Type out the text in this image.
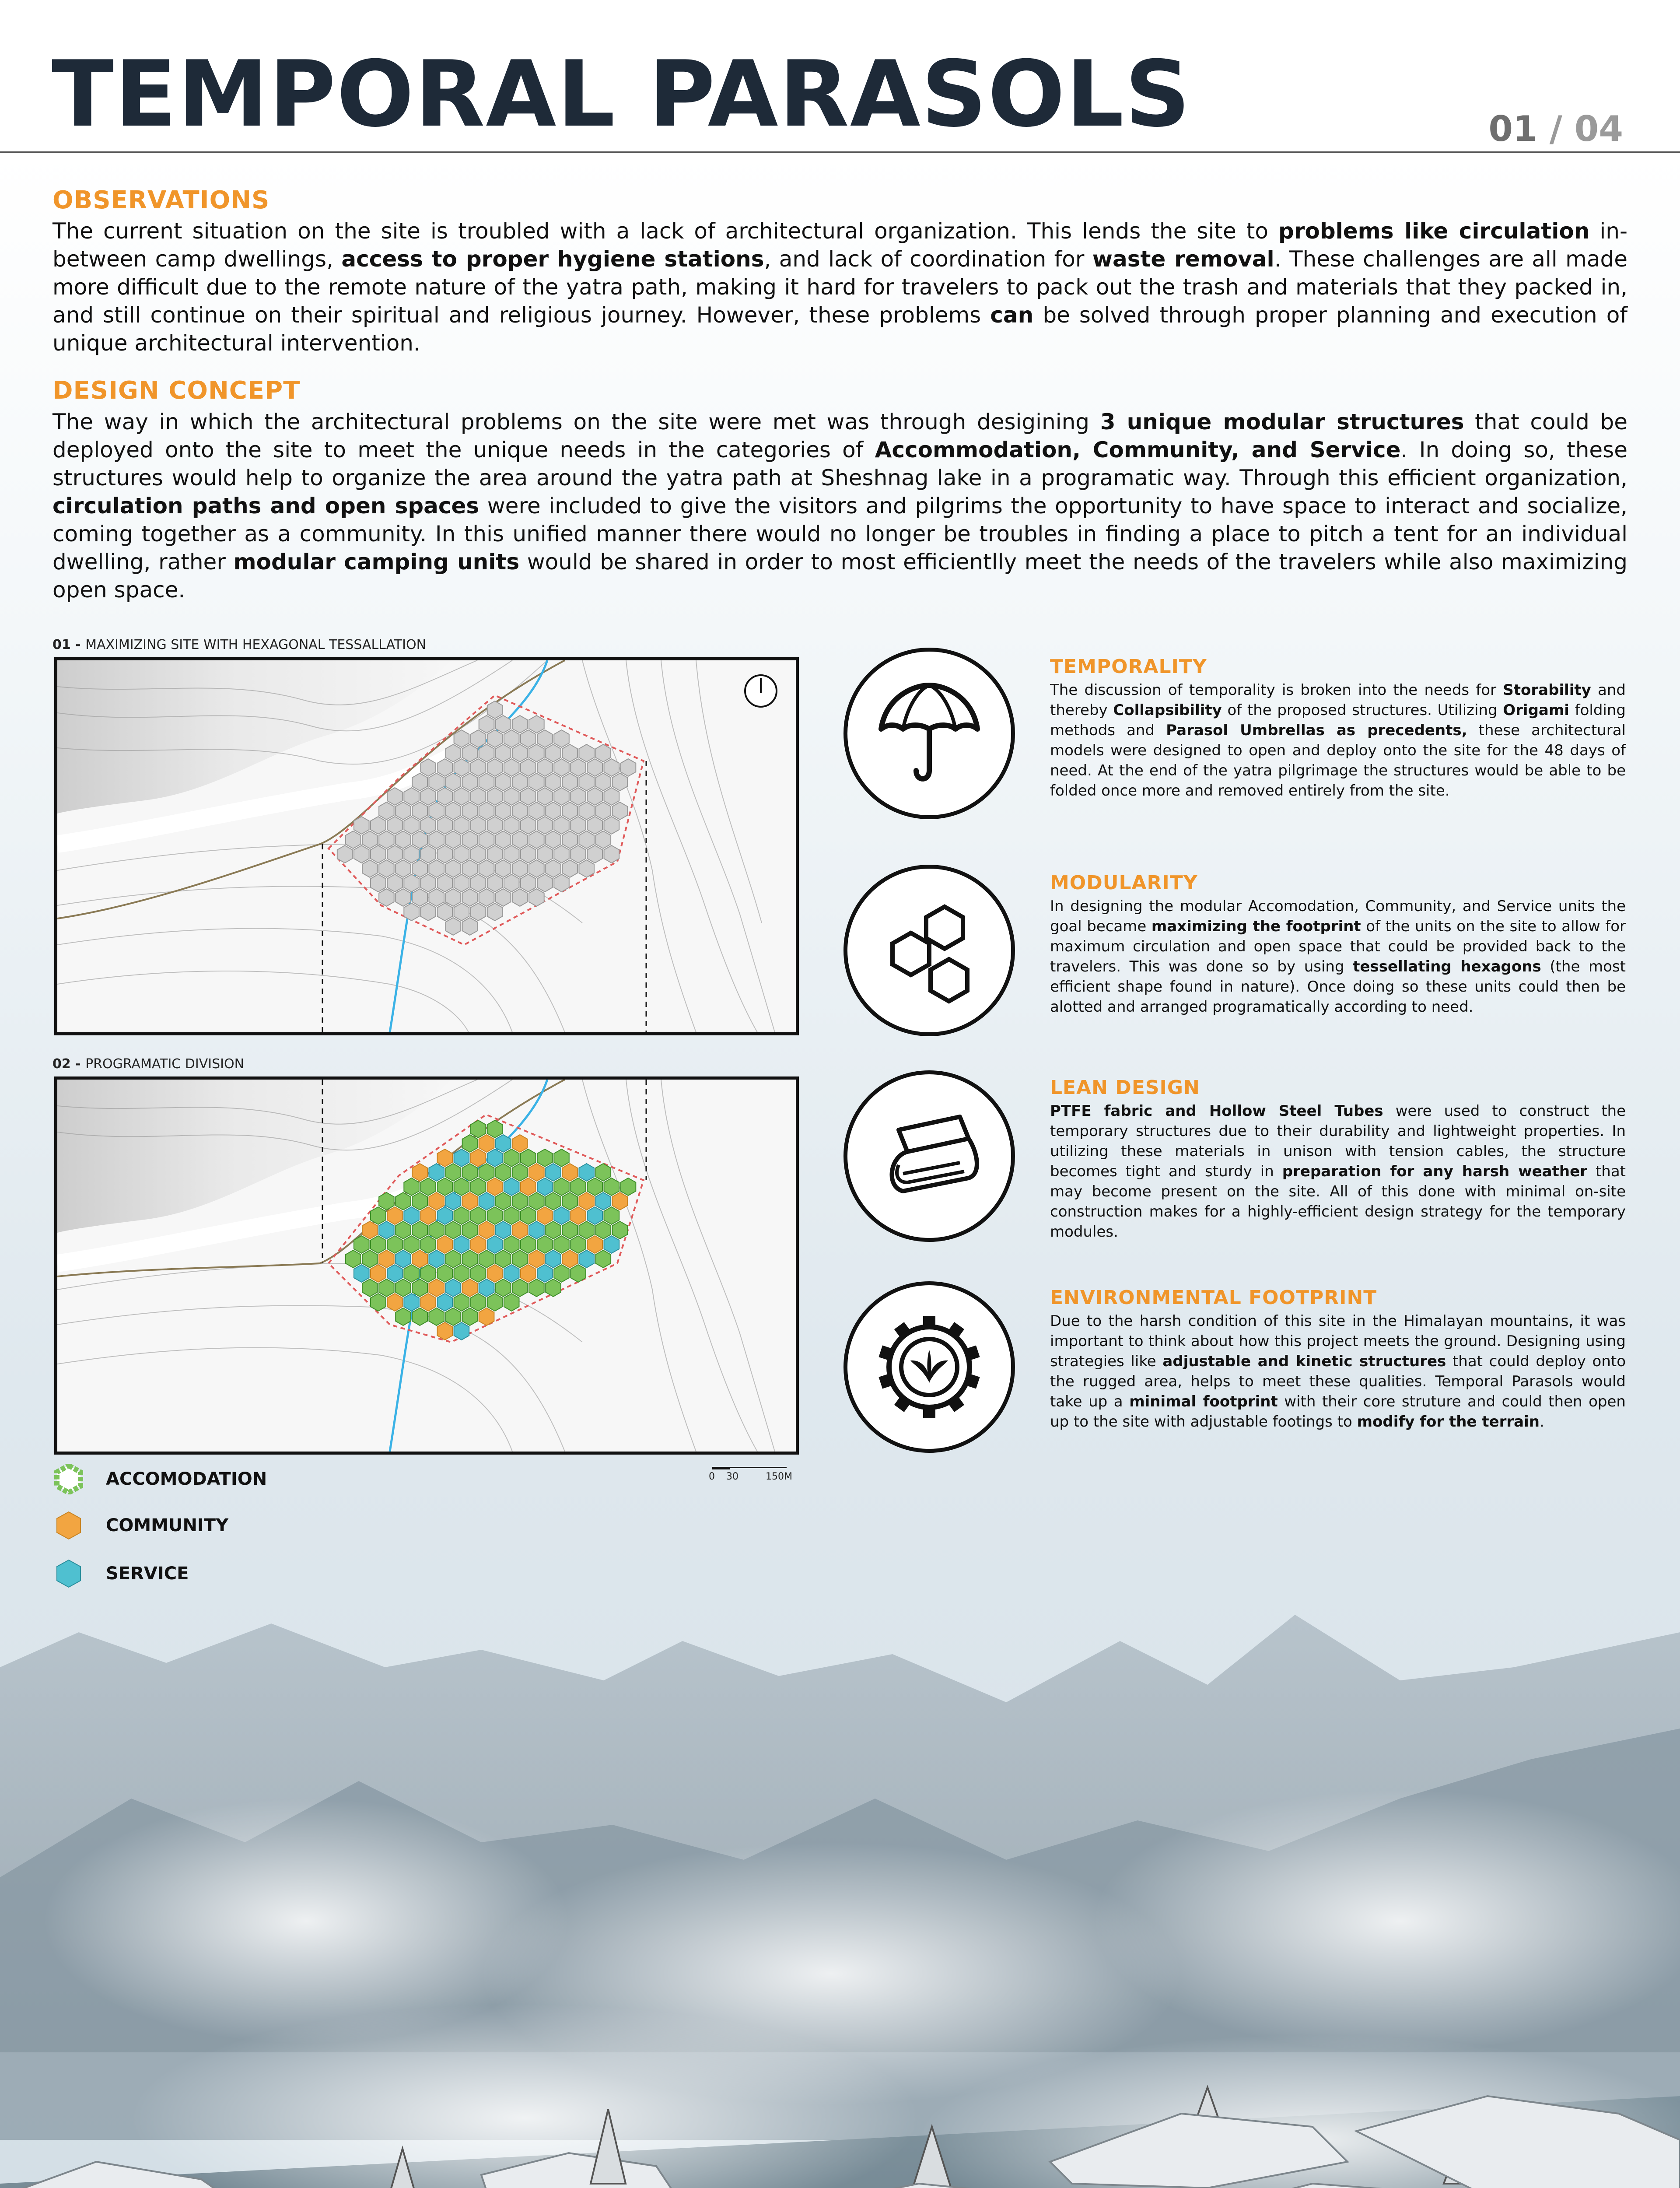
TEMPORAL PARASOLS	01 / 04
OBSERVATIONS
The current situation on the site is troubled with a lack of architectural organization. This lends the site to problems like circulation in-between camp dwellings, access to proper hygiene stations, and lack of coordination for waste removal. These challenges are all made more difficult due to the remote nature of the yatra path, making it hard for travelers to pack out the trash and materials that they packed in, and still continue on their spiritual and religious journey. However, these problems can be solved through proper planning and execution of unique architectural intervention.
DESIGN CONCEPT
The way in which the architectural problems on the site were met was through desigining 3 unique modular structures that could be deployed onto the site to meet the unique needs in the categories of Accommodation, Community, and Service. In doing so, these structures would help to organize the area around the yatra path at Sheshnag lake in a programatic way. Through this efficient organization, circulation paths and open spaces were included to give the visitors and pilgrims the opportunity to have space to interact and socialize, coming together as a community. In this unified manner there would no longer be troubles in finding a place to pitch a tent for an individual dwelling, rather modular camping units would be shared in order to most efficientlly meet the needs of the travelers while also maximizing open space.
01 - MAXIMIZING SITE WITH HEXAGONAL TESSALLATION
02 - PROGRAMATIC DIVISION
ACCOMODATION
COMMUNITY
SERVICE
0 30	150M
TEMPORALITY
The discussion of temporality is broken into the needs for Storability and thereby Collapsibility of the proposed structures. Utilizing Origami folding methods and Parasol Umbrellas as precedents, these architectural models were designed to open and deploy onto the site for the 48 days of need. At the end of the yatra pilgrimage the structures would be able to be folded once more and removed entirely from the site.
MODULARITY
In designing the modular Accomodation, Community, and Service units the goal became maximizing the footprint of the units on the site to allow for maximum circulation and open space that could be provided back to the travelers. This was done so by using tessellating hexagons (the most efficient shape found in nature). Once doing so these units could then be alotted and arranged programatically according to need.
LEAN DESIGN
PTFE fabric and Hollow Steel Tubes were used to construct the temporary structures due to their durability and lightweight properties. In utilizing these materials in unison with tension cables, the structure becomes tight and sturdy in preparation for any harsh weather that may become present on the site. All of this done with minimal on-site construction makes for a highly-efficient design strategy for the temporary modules.
ENVIRONMENTAL FOOTPRINT
Due to the harsh condition of this site in the Himalayan mountains, it was important to think about how this project meets the ground. Designing using strategies like adjustable and kinetic structures that could deploy onto the rugged area, helps to meet these qualities. Temporal Parasols would take up a minimal footprint with their core struture and could then open up to the site with adjustable footings to modify for the terrain.
